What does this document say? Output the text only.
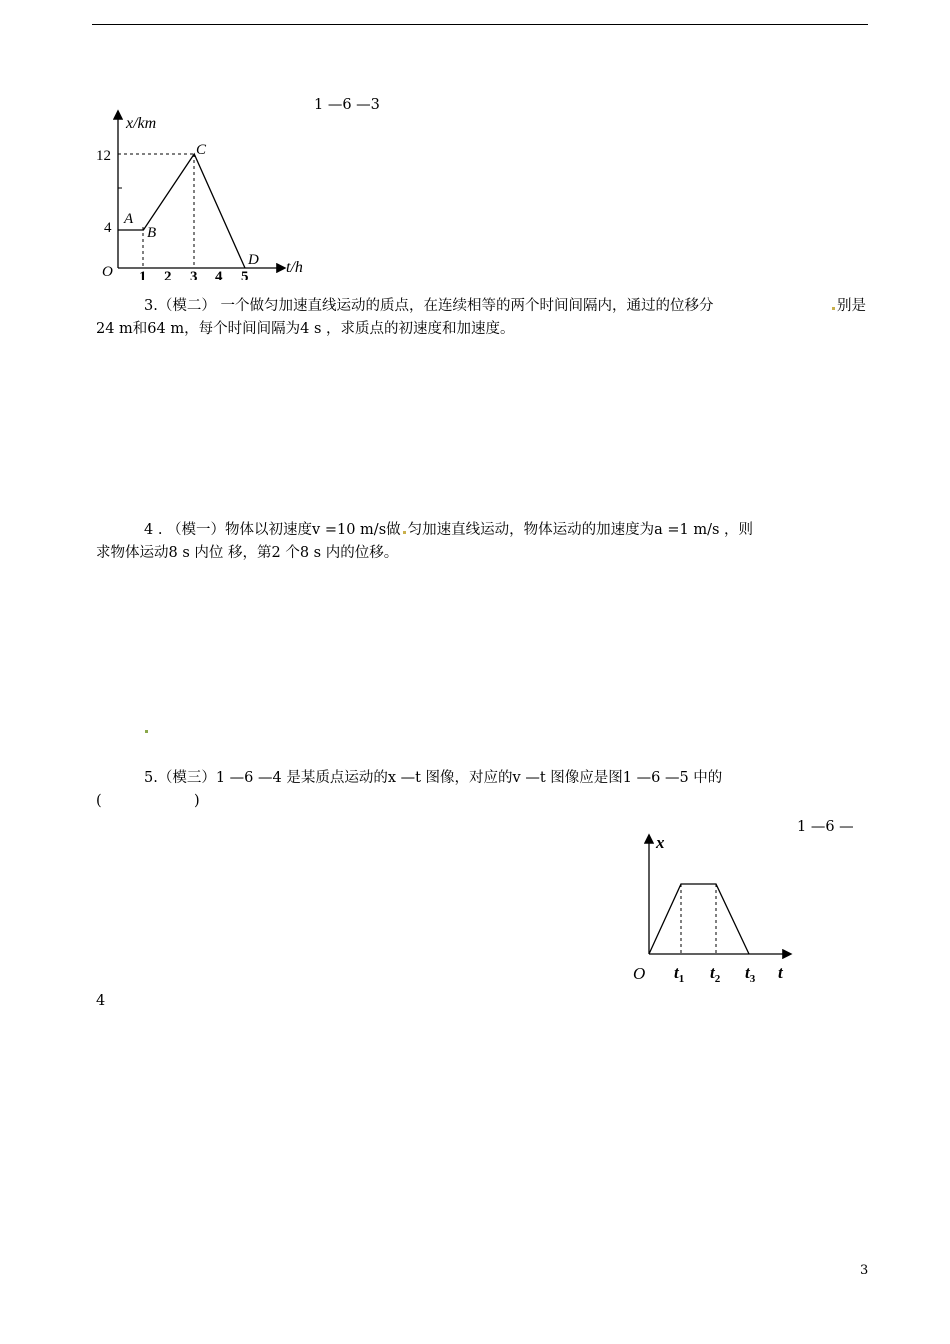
x/km
12
4
O 1 2 3 4 5
t/h
A
B
C
D
1 —6 —3
3.（模二） 一个做匀加速直线运动的质点，在连续相等的两个时间间隔内，通过的位移分	别是
24 m和64 m，每个时间间隔为4 s ，求质点的初速度和加速度。
4 . （模一）物体以初速度v =10 m/s做 匀加速直线运动，物体运动的加速度为a =1 m/s ，则
求物体运动8 s 内位 移，第2 个8 s 内的位移。
5.（模三）1 —6 —4 是某质点运动的x —t 图像，对应的v —t 图像应是图1 —6 —5 中的
(	)
1 —6 —
x
O $t_1$ $t_2$ $t_3$ t
4
3
